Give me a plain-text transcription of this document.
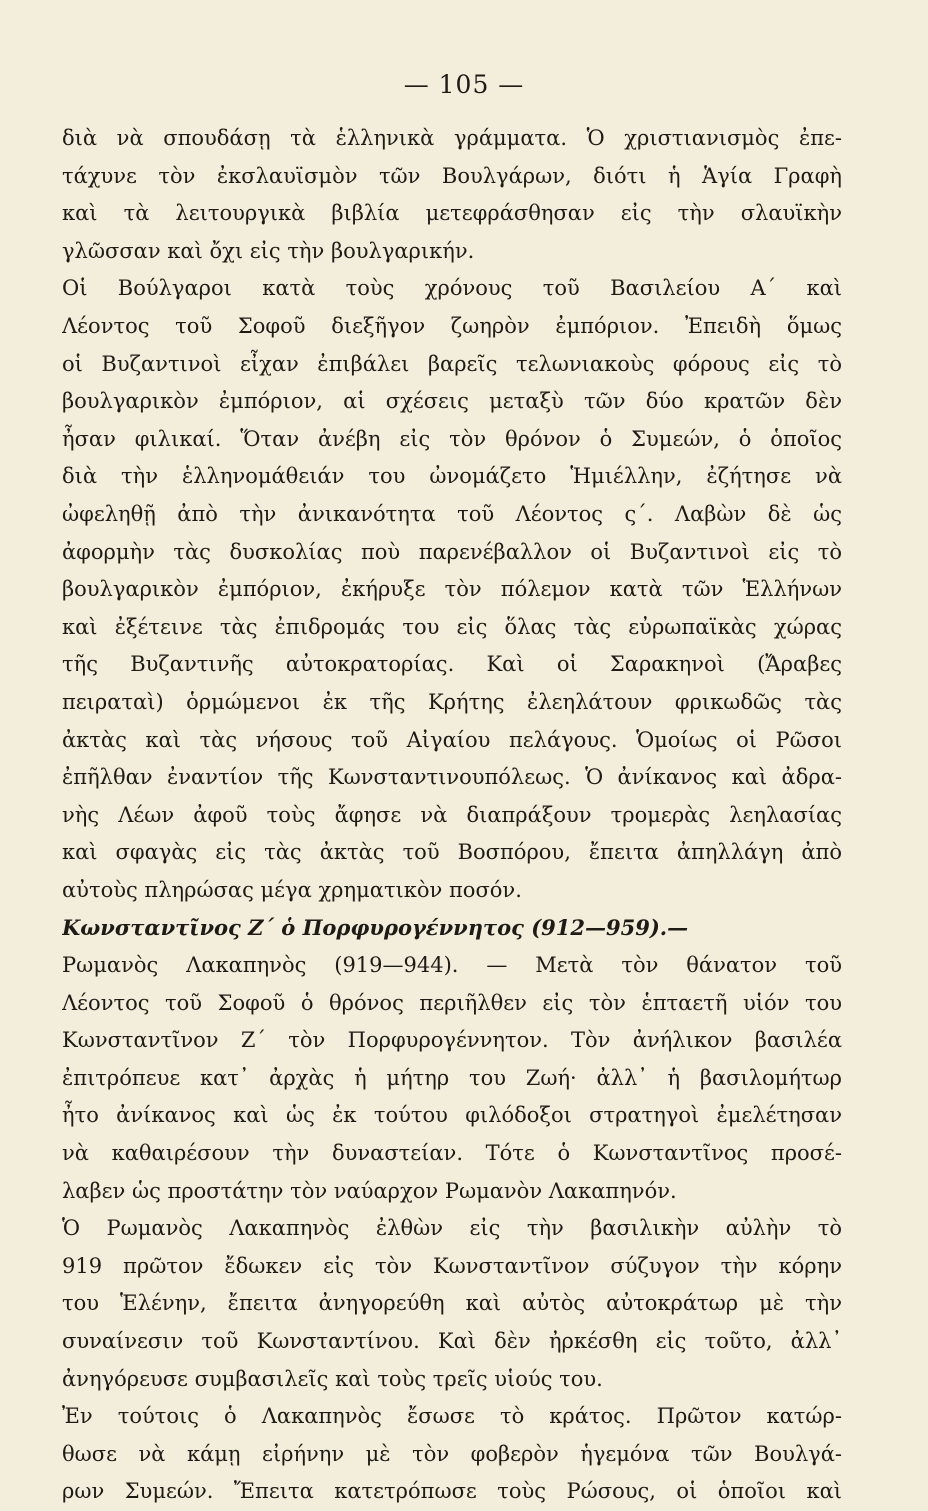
— 105 —
διὰ νὰ σπουδάσῃ τὰ ἑλληνικὰ γράμματα. Ὁ χριστιανισμὸς ἐπε-
τάχυνε τὸν ἐκσλαυϊσμὸν τῶν Βουλγάρων, διότι ἡ Ἁγία Γραφὴ
καὶ τὰ λειτουργικὰ βιβλία μετεφράσθησαν εἰς τὴν σλαυϊκὴν
γλῶσσαν καὶ ὄχι εἰς τὴν βουλγαρικήν.
Οἱ Βούλγαροι κατὰ τοὺς χρόνους τοῦ Βασιλείου Α΄ καὶ
Λέοντος τοῦ Σοφοῦ διεξῆγον ζωηρὸν ἐμπόριον. Ἐπειδὴ ὅμως
οἱ Βυζαντινοὶ εἶχαν ἐπιβάλει βαρεῖς τελωνιακοὺς φόρους εἰς τὸ
βουλγαρικὸν ἐμπόριον, αἱ σχέσεις μεταξὺ τῶν δύο κρατῶν δὲν
ἦσαν φιλικαί. Ὅταν ἀνέβη εἰς τὸν θρόνον ὁ Συμεών, ὁ ὁποῖος
διὰ τὴν ἑλληνομάθειάν του ὠνομάζετο Ἡμιέλλην, ἐζήτησε νὰ
ὠφεληθῇ ἀπὸ τὴν ἀνικανότητα τοῦ Λέοντος ς΄. Λαβὼν δὲ ὡς
ἀφορμὴν τὰς δυσκολίας ποὺ παρενέβαλλον οἱ Βυζαντινοὶ εἰς τὸ
βουλγαρικὸν ἐμπόριον, ἐκήρυξε τὸν πόλεμον κατὰ τῶν Ἑλλήνων
καὶ ἐξέτεινε τὰς ἐπιδρομάς του εἰς ὅλας τὰς εὐρωπαϊκὰς χώρας
τῆς Βυζαντινῆς αὐτοκρατορίας. Καὶ οἱ Σαρακηνοὶ (Ἄραβες
πειραταὶ) ὁρμώμενοι ἐκ τῆς Κρήτης ἐλεηλάτουν φρικωδῶς τὰς
ἀκτὰς καὶ τὰς νήσους τοῦ Αἰγαίου πελάγους. Ὁμοίως οἱ Ρῶσοι
ἐπῆλθαν ἐναντίον τῆς Κωνσταντινουπόλεως. Ὁ ἀνίκανος καὶ ἀδρα-
νὴς Λέων ἀφοῦ τοὺς ἄφησε νὰ διαπράξουν τρομερὰς λεηλασίας
καὶ σφαγὰς εἰς τὰς ἀκτὰς τοῦ Βοσπόρου, ἔπειτα ἀπηλλάγη ἀπὸ
αὐτοὺς πληρώσας μέγα χρηματικὸν ποσόν.
Κωνσταντῖνος Ζ΄ ὁ Πορφυρογέννητος (912—959).—
Ρωμανὸς Λακαπηνὸς (919—944). — Μετὰ τὸν θάνατον τοῦ
Λέοντος τοῦ Σοφοῦ ὁ θρόνος περιῆλθεν εἰς τὸν ἑπταετῆ υἱόν του
Κωνσταντῖνον Ζ΄ τὸν Πορφυρογέννητον. Τὸν ἀνήλικον βασιλέα
ἐπιτρόπευε κατ᾿ ἀρχὰς ἡ μήτηρ του Ζωή· ἀλλ᾿ ἡ βασιλομήτωρ
ἦτο ἀνίκανος καὶ ὡς ἐκ τούτου φιλόδοξοι στρατηγοὶ ἐμελέτησαν
νὰ καθαιρέσουν τὴν δυναστείαν. Τότε ὁ Κωνσταντῖνος προσέ-
λαβεν ὡς προστάτην τὸν ναύαρχον Ρωμανὸν Λακαπηνόν.
Ὁ Ρωμανὸς Λακαπηνὸς ἐλθὼν εἰς τὴν βασιλικὴν αὐλὴν τὸ
919 πρῶτον ἔδωκεν εἰς τὸν Κωνσταντῖνον σύζυγον τὴν κόρην
του Ἑλένην, ἔπειτα ἀνηγορεύθη καὶ αὐτὸς αὐτοκράτωρ μὲ τὴν
συναίνεσιν τοῦ Κωνσταντίνου. Καὶ δὲν ἠρκέσθη εἰς τοῦτο, ἀλλ᾿
ἀνηγόρευσε συμβασιλεῖς καὶ τοὺς τρεῖς υἱούς του.
Ἐν τούτοις ὁ Λακαπηνὸς ἔσωσε τὸ κράτος. Πρῶτον κατώρ-
θωσε νὰ κάμῃ εἰρήνην μὲ τὸν φοβερὸν ἡγεμόνα τῶν Βουλγά-
ρων Συμεών. Ἔπειτα κατετρόπωσε τοὺς Ρώσους, οἱ ὁποῖοι καὶ
